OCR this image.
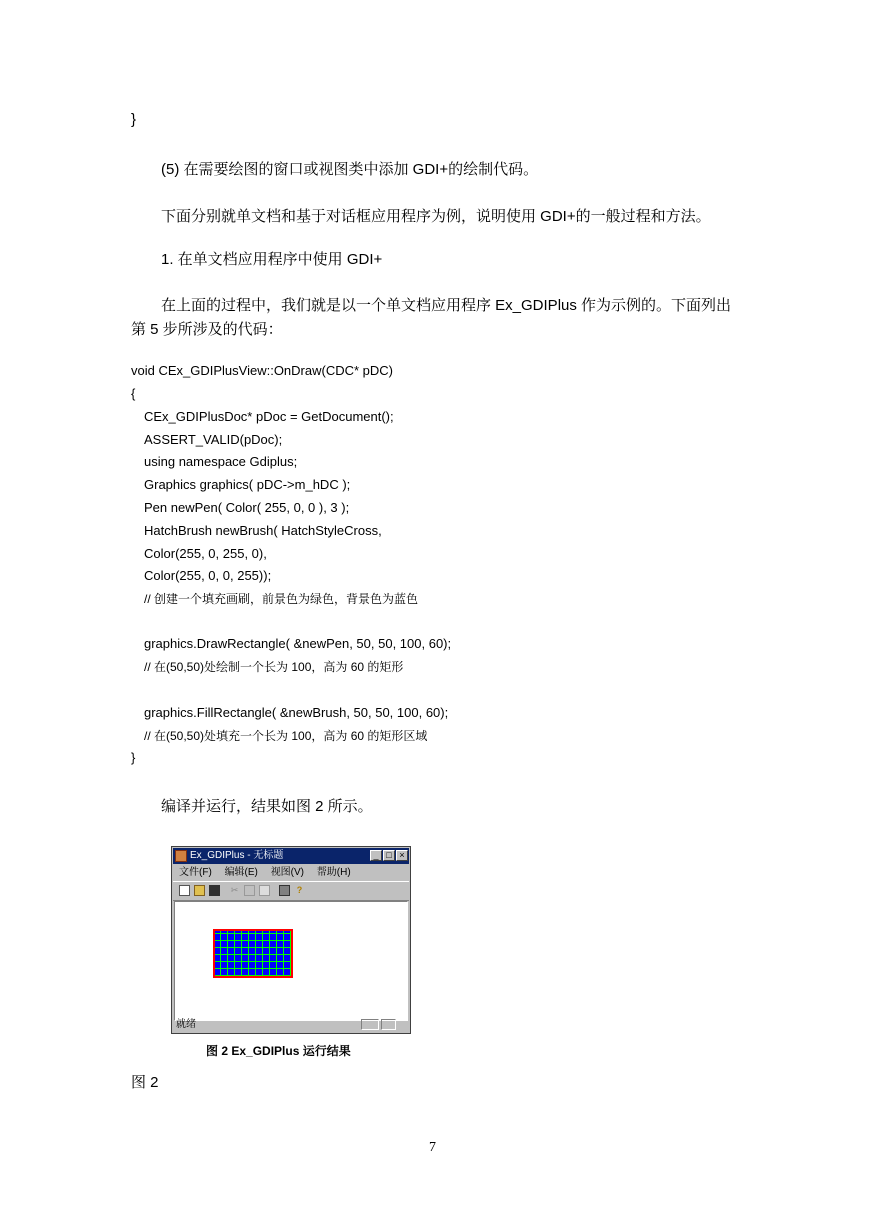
}
(5) 在需要绘图的窗口或视图类中添加 GDI+的绘制代码。
下面分别就单文档和基于对话框应用程序为例，说明使用 GDI+的一般过程和方法。
1. 在单文档应用程序中使用 GDI+
在上面的过程中，我们就是以一个单文档应用程序 Ex_GDIPlus 作为示例的。下面列出
第 5 步所涉及的代码：
void CEx_GDIPlusView::OnDraw(CDC* pDC)
{
CEx_GDIPlusDoc* pDoc = GetDocument();
ASSERT_VALID(pDoc);
using namespace Gdiplus;
Graphics graphics( pDC->m_hDC );
Pen newPen( Color( 255, 0, 0 ), 3 );
HatchBrush newBrush( HatchStyleCross,
Color(255, 0, 255, 0),
Color(255, 0, 0, 255));
// 创建一个填充画刷，前景色为绿色，背景色为蓝色
graphics.DrawRectangle( &newPen, 50, 50, 100, 60);
// 在(50,50)处绘制一个长为 100，高为 60 的矩形
graphics.FillRectangle( &newBrush, 50, 50, 100, 60);
// 在(50,50)处填充一个长为 100，高为 60 的矩形区域
}
编译并运行，结果如图 2 所示。
Ex_GDIPlus - 无标题	_ □ ×
文件(F) 编辑(E) 视图(V) 帮助(H)
✂	?
就绪
图 2 Ex_GDIPlus 运行结果
图 2
7
